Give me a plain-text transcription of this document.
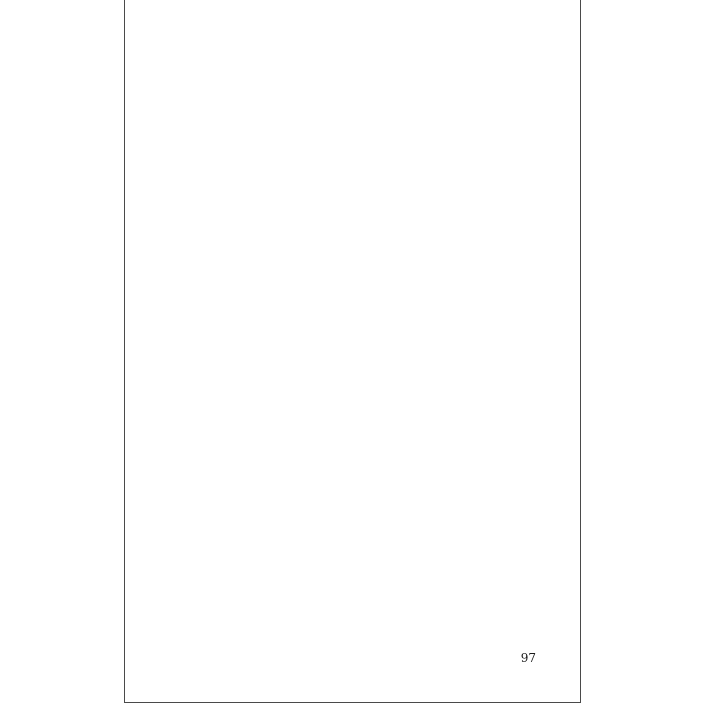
97
